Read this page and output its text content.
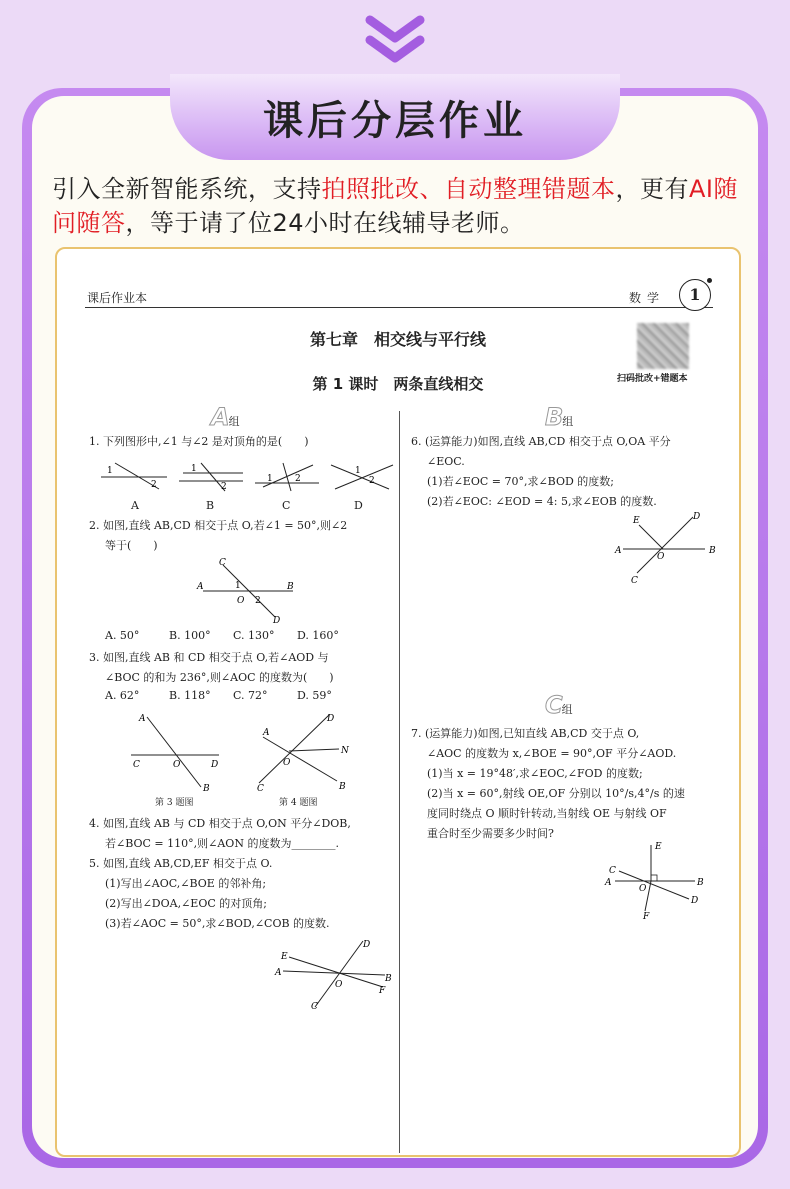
课后分层作业
引入全新智能系统，支持拍照批改、自动整理错题本，更有AI随问随答，等于请了位24小时在线辅导老师。
课后作业本	数学	1
第七章　相交线与平行线
第 1 课时　两条直线相交	扫码批改+错题本
A组
1. 下列图形中,∠1 与∠2 是对顶角的是(　　)
1
2
1
2
1 2
1
2
A	B	C	D
2. 如图,直线 AB,CD 相交于点 O,若∠1 = 50°,则∠2
等于(　　)
C
A	B
O
D
1
2
A. 50°	B. 100° C. 130° D. 160°
3. 如图,直线 AB 和 CD 相交于点 O,若∠AOD 与
∠BOC 的和为 236°,则∠AOC 的度数为(　　)
A. 62°	B. 118° C. 72°	D. 59°
A
C	O	D
B
A
D
N
O
C	B
第 3 题图	第 4 题图
4. 如图,直线 AB 与 CD 相交于点 O,ON 平分∠DOB,
若∠BOC = 110°,则∠AON 的度数为________.
5. 如图,直线 AB,CD,EF 相交于点 O.
(1)写出∠AOC,∠BOE 的邻补角;
(2)写出∠DOA,∠EOC 的对顶角;
(3)若∠AOC = 50°,求∠BOD,∠COB 的度数.
E
A
D
O
B
F
C
B组
6. (运算能力)如图,直线 AB,CD 相交于点 O,OA 平分
∠EOC.
(1)若∠EOC = 70°,求∠BOD 的度数;
(2)若∠EOC: ∠EOD = 4: 5,求∠EOB 的度数.
E	D
A
O
B
C
C组
7. (运算能力)如图,已知直线 AB,CD 交于点 O,
∠AOC 的度数为 x,∠BOE = 90°,OF 平分∠AOD.
(1)当 x = 19°48′,求∠EOC,∠FOD 的度数;
(2)当 x = 60°,射线 OE,OF 分别以 10°/s,4°/s 的速
度同时绕点 O 顺时针转动,当射线 OE 与射线 OF
重合时至少需要多少时间?
E
C
A
O
B
D
F
